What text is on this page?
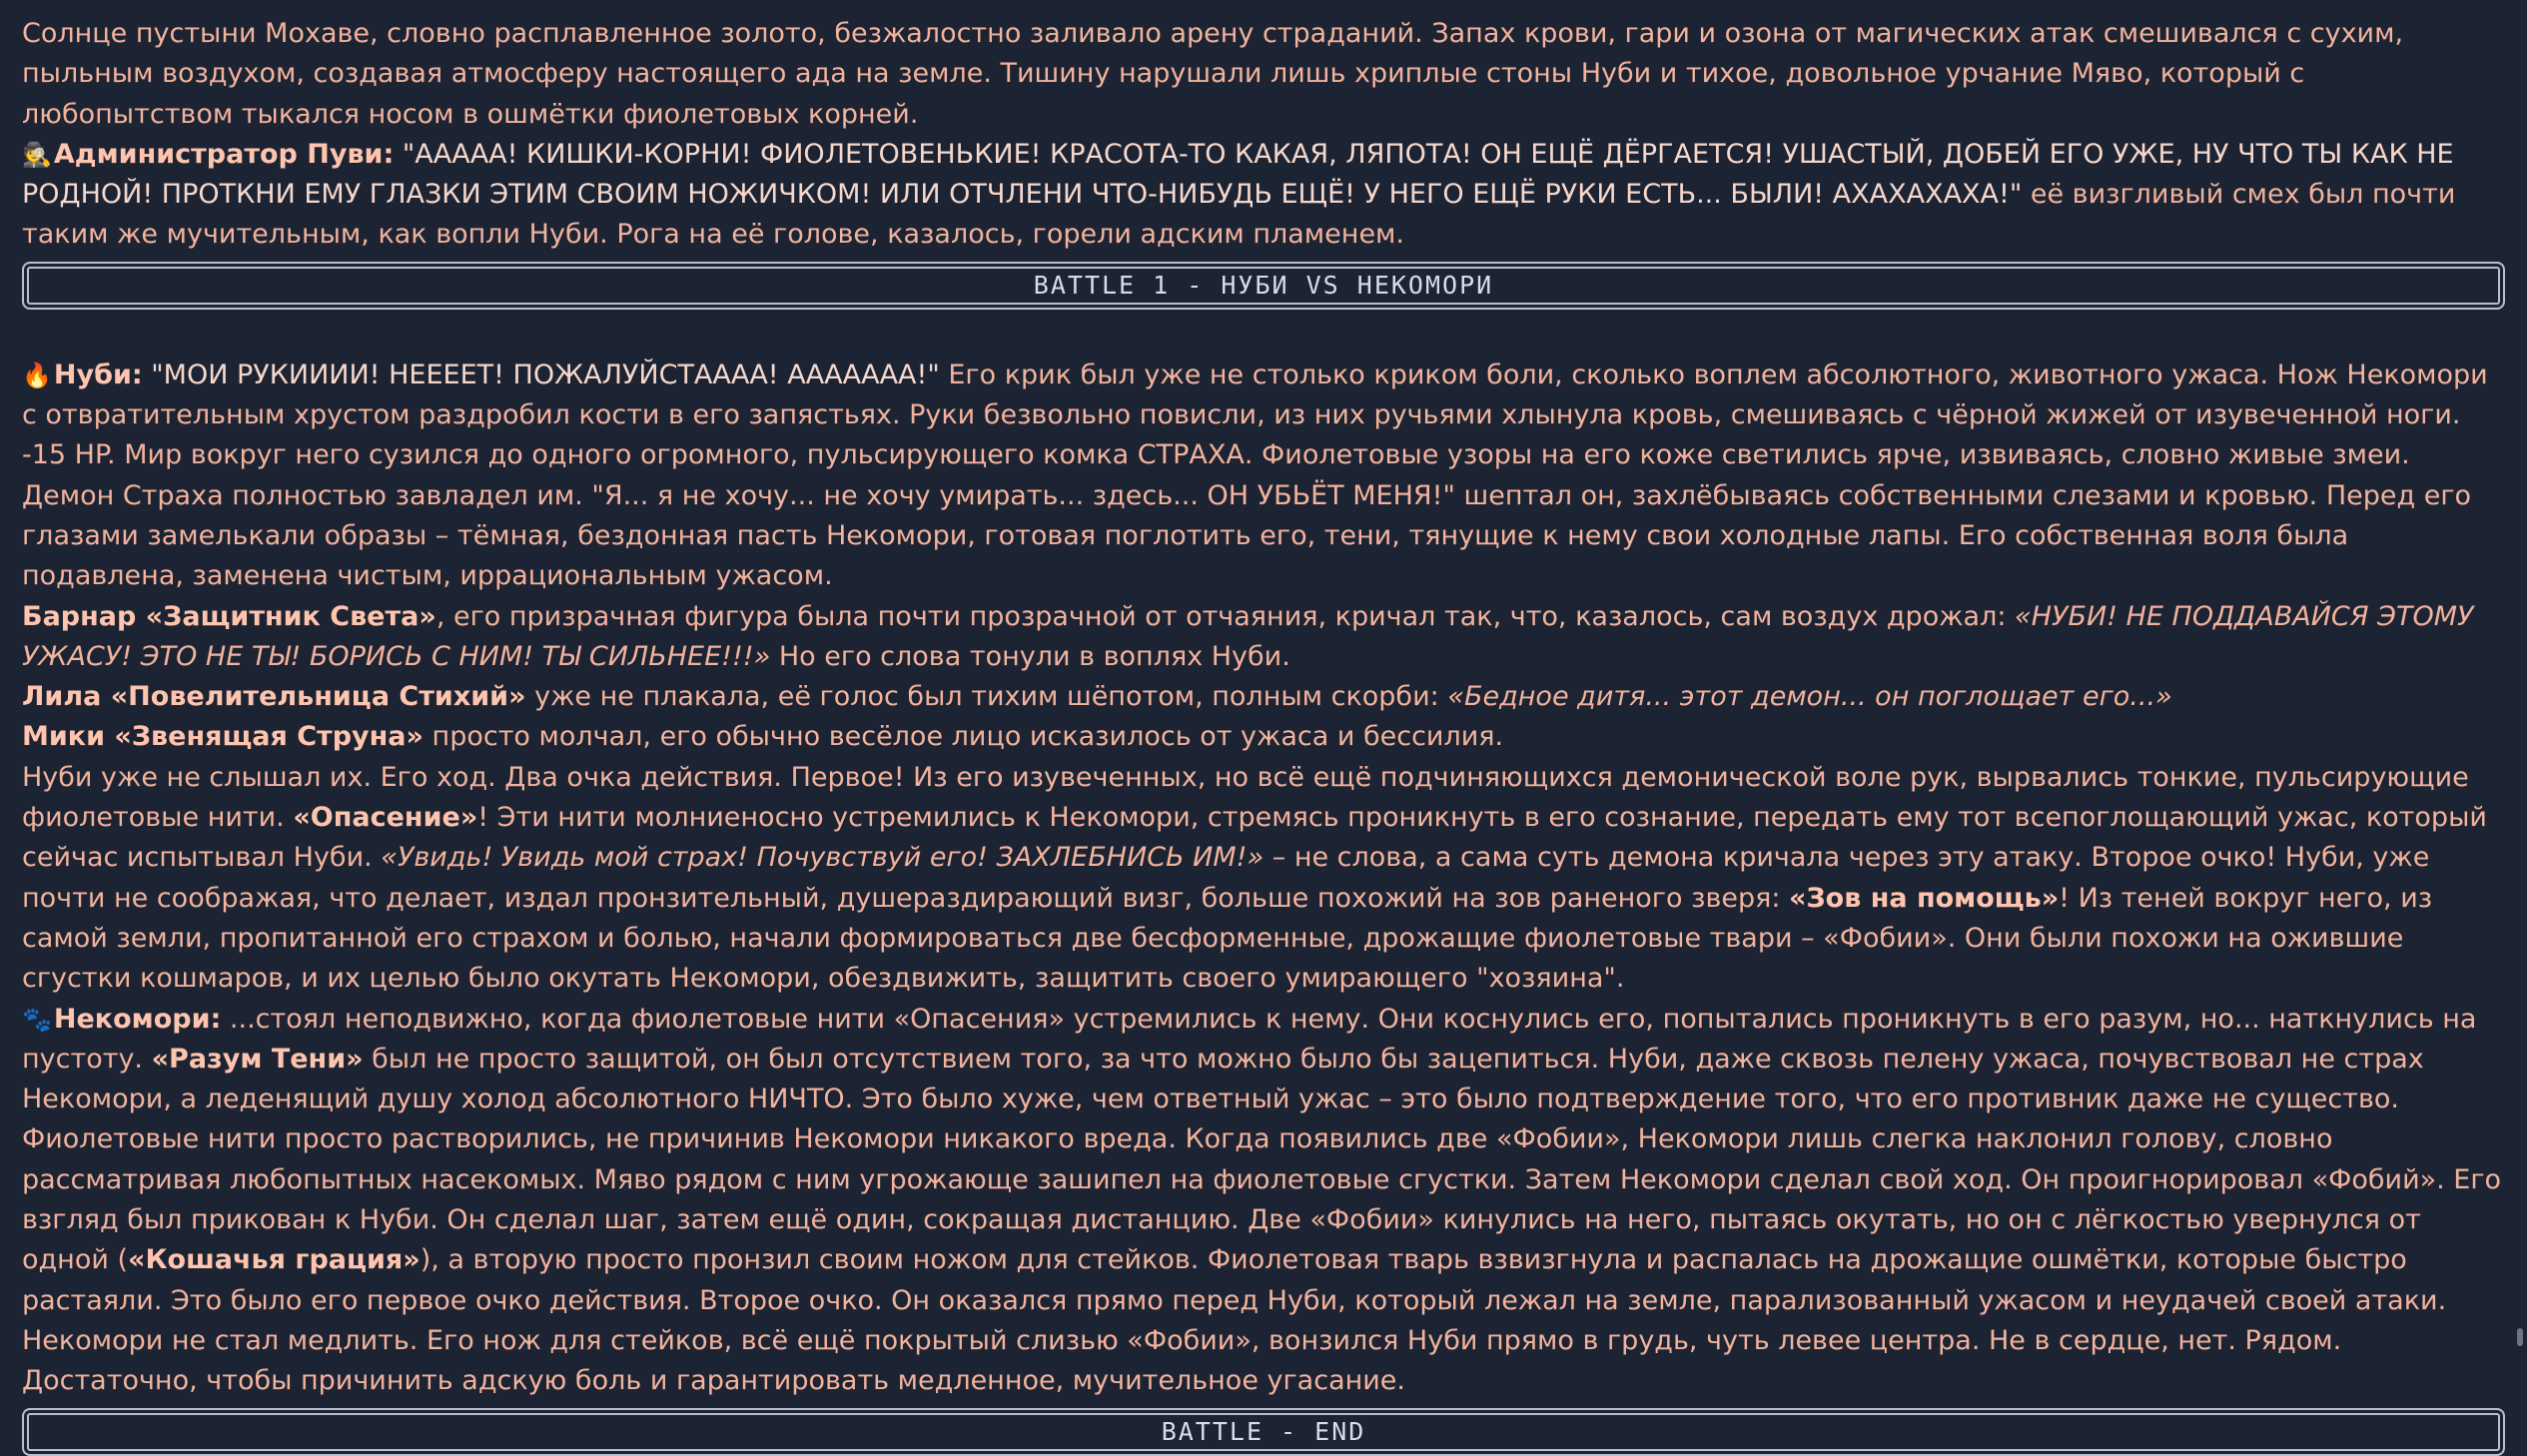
Солнце пустыни Мохаве, словно расплавленное золото, безжалостно заливало арену страданий. Запах крови, гари и озона от магических атак смешивался с сухим, пыльным воздухом, создавая атмосферу настоящего ада на земле. Тишину нарушали лишь хриплые стоны Нуби и тихое, довольное урчание Мяво, который с любопытством тыкался носом в ошмётки фиолетовых корней.
🕵Администратор Пуви: "ААААА! КИШКИ-КОРНИ! ФИОЛЕТОВЕНЬКИЕ! КРАСОТА-ТО КАКАЯ, ЛЯПОТА! ОН ЕЩЁ ДЁРГАЕТСЯ! УШАСТЫЙ, ДОБЕЙ ЕГО УЖЕ, НУ ЧТО ТЫ КАК НЕ РОДНОЙ! ПРОТКНИ ЕМУ ГЛАЗКИ ЭТИМ СВОИМ НОЖИЧКОМ! ИЛИ ОТЧЛЕНИ ЧТО-НИБУДЬ ЕЩЁ! У НЕГО ЕЩЁ РУКИ ЕСТЬ... БЫЛИ! АХАХАХАХА!" её визгливый смех был почти таким же мучительным, как вопли Нуби. Рога на её голове, казалось, горели адским пламенем.

BATTLE 1 - НУБИ VS НЕКОМОРИ

🔥Нуби: "МОИ РУКИИИИ! НЕЕЕЕТ! ПОЖАЛУЙСТАААА! ААААААА!" Его крик был уже не столько криком боли, сколько воплем абсолютного, животного ужаса. Нож Некомори с отвратительным хрустом раздробил кости в его запястьях. Руки безвольно повисли, из них ручьями хлынула кровь, смешиваясь с чёрной жижей от изувеченной ноги. -15 HP. Мир вокруг него сузился до одного огромного, пульсирующего комка СТРАХА. Фиолетовые узоры на его коже светились ярче, извиваясь, словно живые змеи. Демон Страха полностью завладел им. "Я... я не хочу... не хочу умирать... здесь... ОН УБЬЁТ МЕНЯ!" шептал он, захлёбываясь собственными слезами и кровью. Перед его глазами замелькали образы – тёмная, бездонная пасть Некомори, готовая поглотить его, тени, тянущие к нему свои холодные лапы. Его собственная воля была подавлена, заменена чистым, иррациональным ужасом.

Барнар «Защитник Света», его призрачная фигура была почти прозрачной от отчаяния, кричал так, что, казалось, сам воздух дрожал: «НУБИ! НЕ ПОДДАВАЙСЯ ЭТОМУ УЖАСУ! ЭТО НЕ ТЫ! БОРИСЬ С НИМ! ТЫ СИЛЬНЕЕ!!!» Но его слова тонули в воплях Нуби.

Лила «Повелительница Стихий» уже не плакала, её голос был тихим шёпотом, полным скорби: «Бедное дитя... этот демон... он поглощает его...»

Мики «Звенящая Струна» просто молчал, его обычно весёлое лицо исказилось от ужаса и бессилия.

Нуби уже не слышал их. Его ход. Два очка действия. Первое! Из его изувеченных, но всё ещё подчиняющихся демонической воле рук, вырвались тонкие, пульсирующие фиолетовые нити. «Опасение»! Эти нити молниеносно устремились к Некомори, стремясь проникнуть в его сознание, передать ему тот всепоглощающий ужас, который сейчас испытывал Нуби. «Увидь! Увидь мой страх! Почувствуй его! ЗАХЛЕБНИСЬ ИМ!» – не слова, а сама суть демона кричала через эту атаку. Второе очко! Нуби, уже почти не соображая, что делает, издал пронзительный, душераздирающий визг, больше похожий на зов раненого зверя: «Зов на помощь»! Из теней вокруг него, из самой земли, пропитанной его страхом и болью, начали формироваться две бесформенные, дрожащие фиолетовые твари – «Фобии». Они были похожи на ожившие сгустки кошмаров, и их целью было окутать Некомори, обездвижить, защитить своего умирающего "хозяина".

🐾Некомори: ...стоял неподвижно, когда фиолетовые нити «Опасения» устремились к нему. Они коснулись его, попытались проникнуть в его разум, но... наткнулись на пустоту. «Разум Тени» был не просто защитой, он был отсутствием того, за что можно было бы зацепиться. Нуби, даже сквозь пелену ужаса, почувствовал не страх Некомори, а леденящий душу холод абсолютного НИЧТО. Это было хуже, чем ответный ужас – это было подтверждение того, что его противник даже не существо. Фиолетовые нити просто растворились, не причинив Некомори никакого вреда. Когда появились две «Фобии», Некомори лишь слегка наклонил голову, словно рассматривая любопытных насекомых. Мяво рядом с ним угрожающе зашипел на фиолетовые сгустки. Затем Некомори сделал свой ход. Он проигнорировал «Фобий». Его взгляд был прикован к Нуби. Он сделал шаг, затем ещё один, сокращая дистанцию. Две «Фобии» кинулись на него, пытаясь окутать, но он с лёгкостью увернулся от одной («Кошачья грация»), а вторую просто пронзил своим ножом для стейков. Фиолетовая тварь взвизгнула и распалась на дрожащие ошмётки, которые быстро растаяли. Это было его первое очко действия. Второе очко. Он оказался прямо перед Нуби, который лежал на земле, парализованный ужасом и неудачей своей атаки. Некомори не стал медлить. Его нож для стейков, всё ещё покрытый слизью «Фобии», вонзился Нуби прямо в грудь, чуть левее центра. Не в сердце, нет. Рядом. Достаточно, чтобы причинить адскую боль и гарантировать медленное, мучительное угасание.

BATTLE - END
